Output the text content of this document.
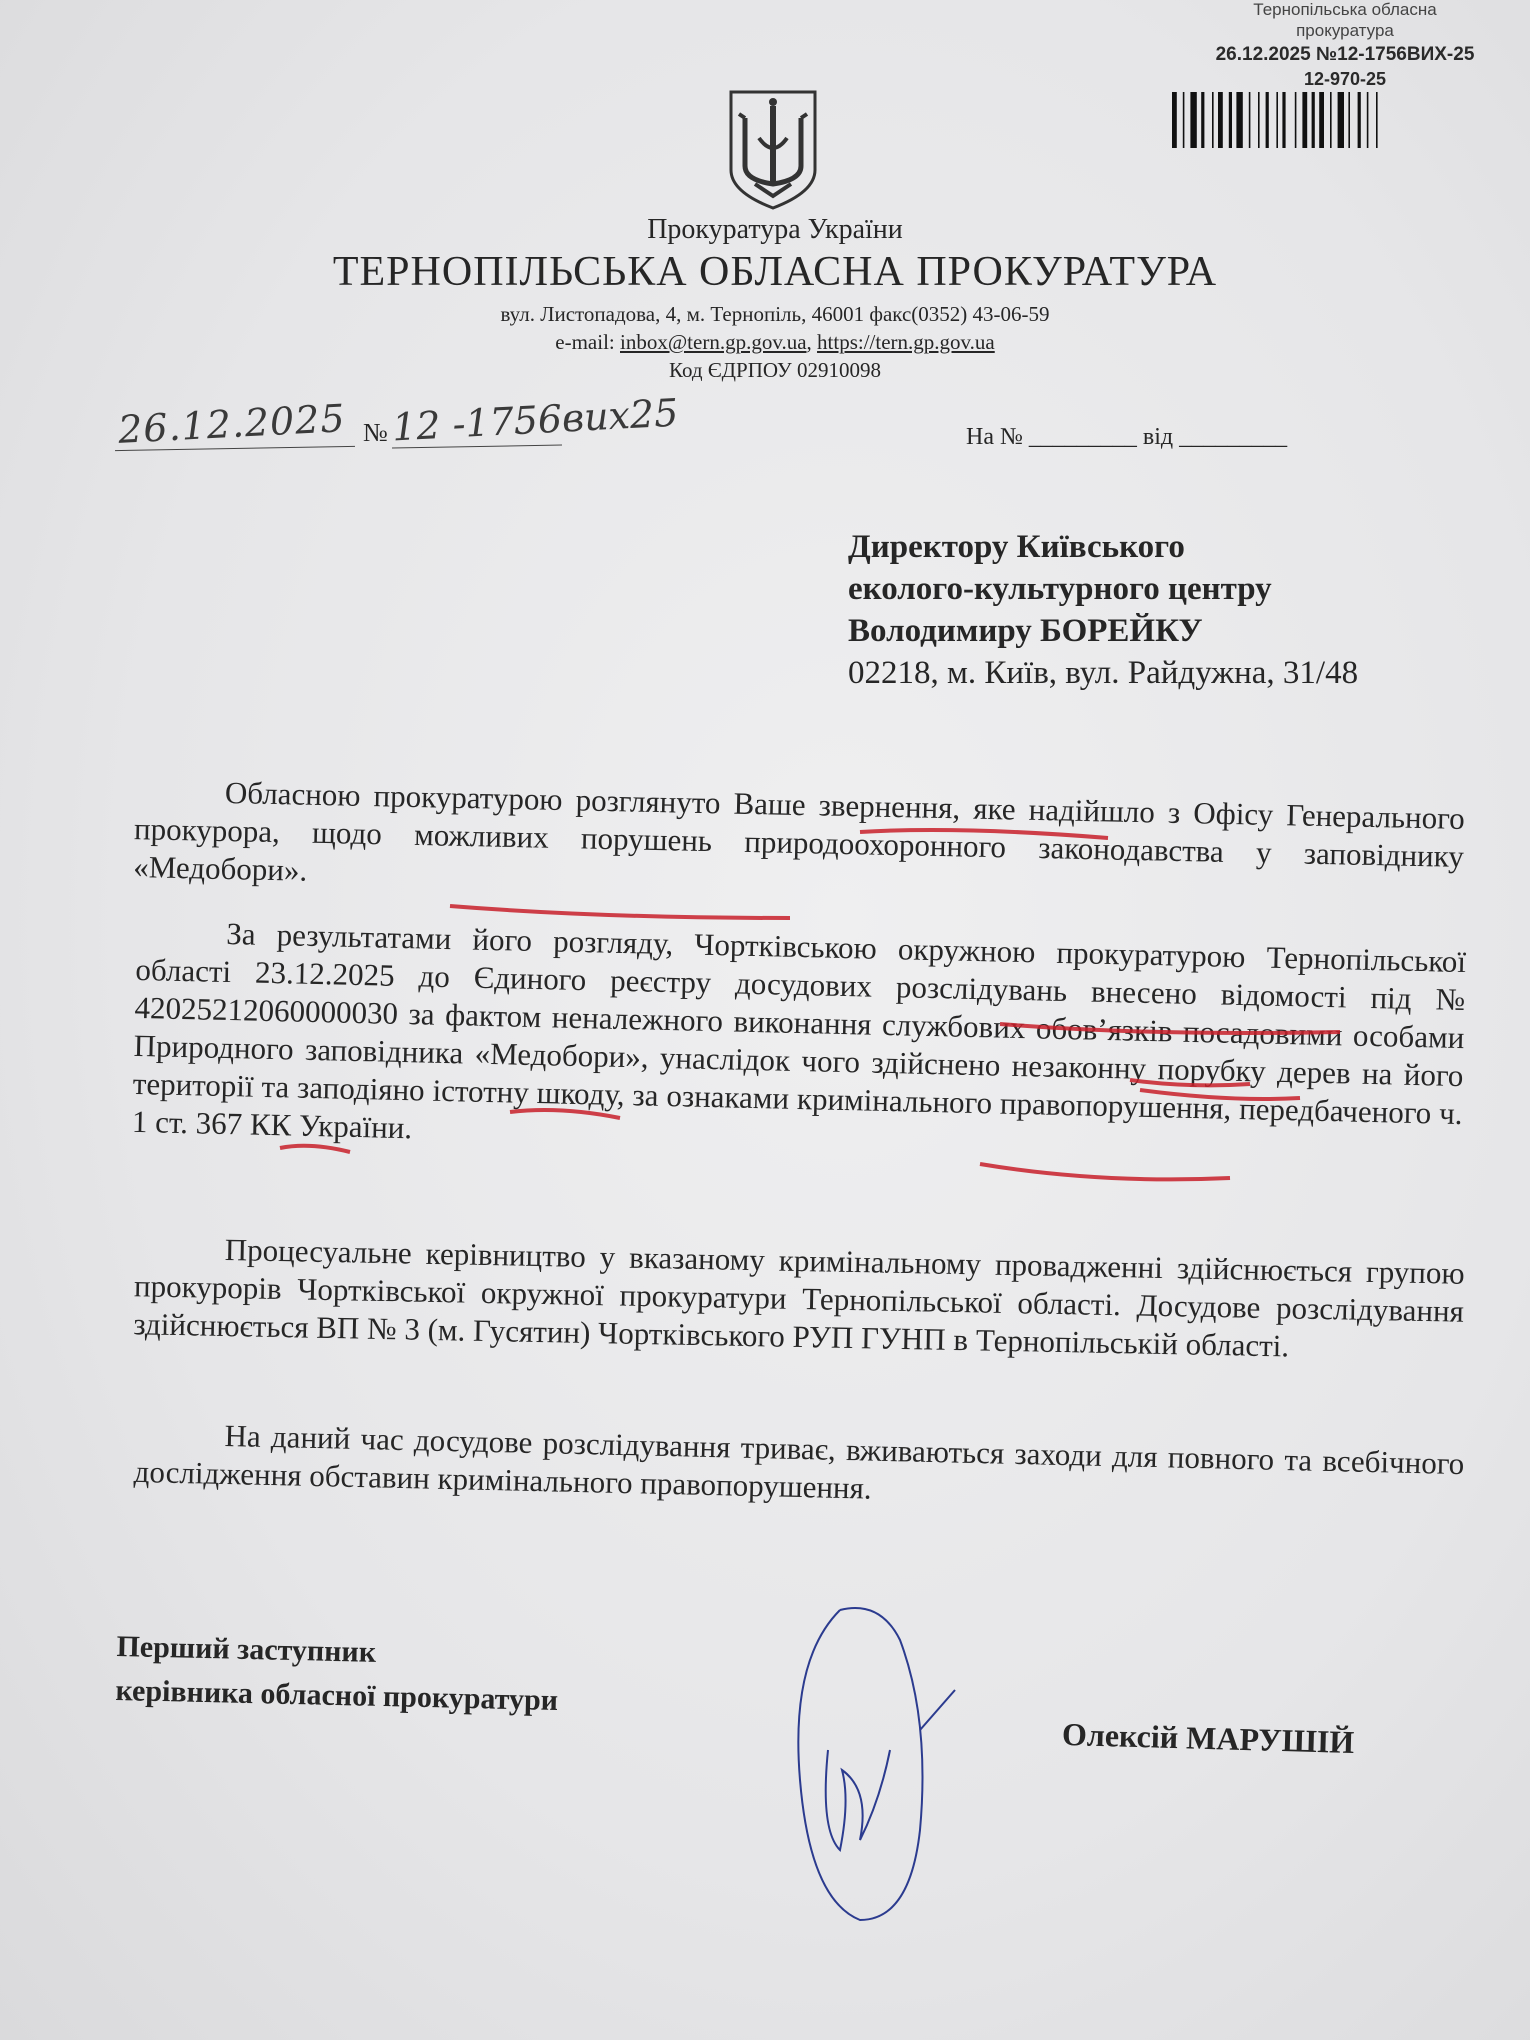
Тернопільська обласна
прокуратура
26.12.2025 №12-1756ВИХ-25
12-970-25
Прокуратура України
ТЕРНОПІЛЬСЬКА ОБЛАСНА ПРОКУРАТУРА
вул. Листопадова, 4, м. Тернопіль, 46001 факс(0352) 43-06-59
e-mail: inbox@tern.gp.gov.ua, https://tern.gp.gov.ua
Код ЄДРПОУ 02910098
26.12.2025 № 12 -1756вих25	На № _________ від _________
Директору Київського
еколого-культурного центру
Володимиру БОРЕЙКУ
02218, м. Київ, вул. Райдужна, 31/48

Обласною прокуратурою розглянуто Ваше звернення, яке надійшло з Офісу Генерального прокурора, щодо можливих порушень природоохоронного законодавства у заповіднику «Медобори».

За результатами його розгляду, Чортківською окружною прокуратурою Тернопільської області 23.12.2025 до Єдиного реєстру досудових розслідувань внесено відомості під № 42025212060000030 за фактом неналежного виконання службових обов’язків посадовими особами Природного заповідника «Медобори», унаслідок чого здійснено незаконну порубку дерев на його території та заподіяно істотну шкоду, за ознаками кримінального правопорушення, передбаченого ч. 1 ст. 367 КК України.

Процесуальне керівництво у вказаному кримінальному провадженні здійснюється групою прокурорів Чортківської окружної прокуратури Тернопільської області. Досудове розслідування здійснюється ВП № 3 (м. Гусятин) Чортківського РУП ГУНП в Тернопільській області.

На даний час досудове розслідування триває, вживаються заходи для повного та всебічного дослідження обставин кримінального правопорушення.

Перший заступник
керівника обласної прокуратури
Олексій МАРУШІЙ
